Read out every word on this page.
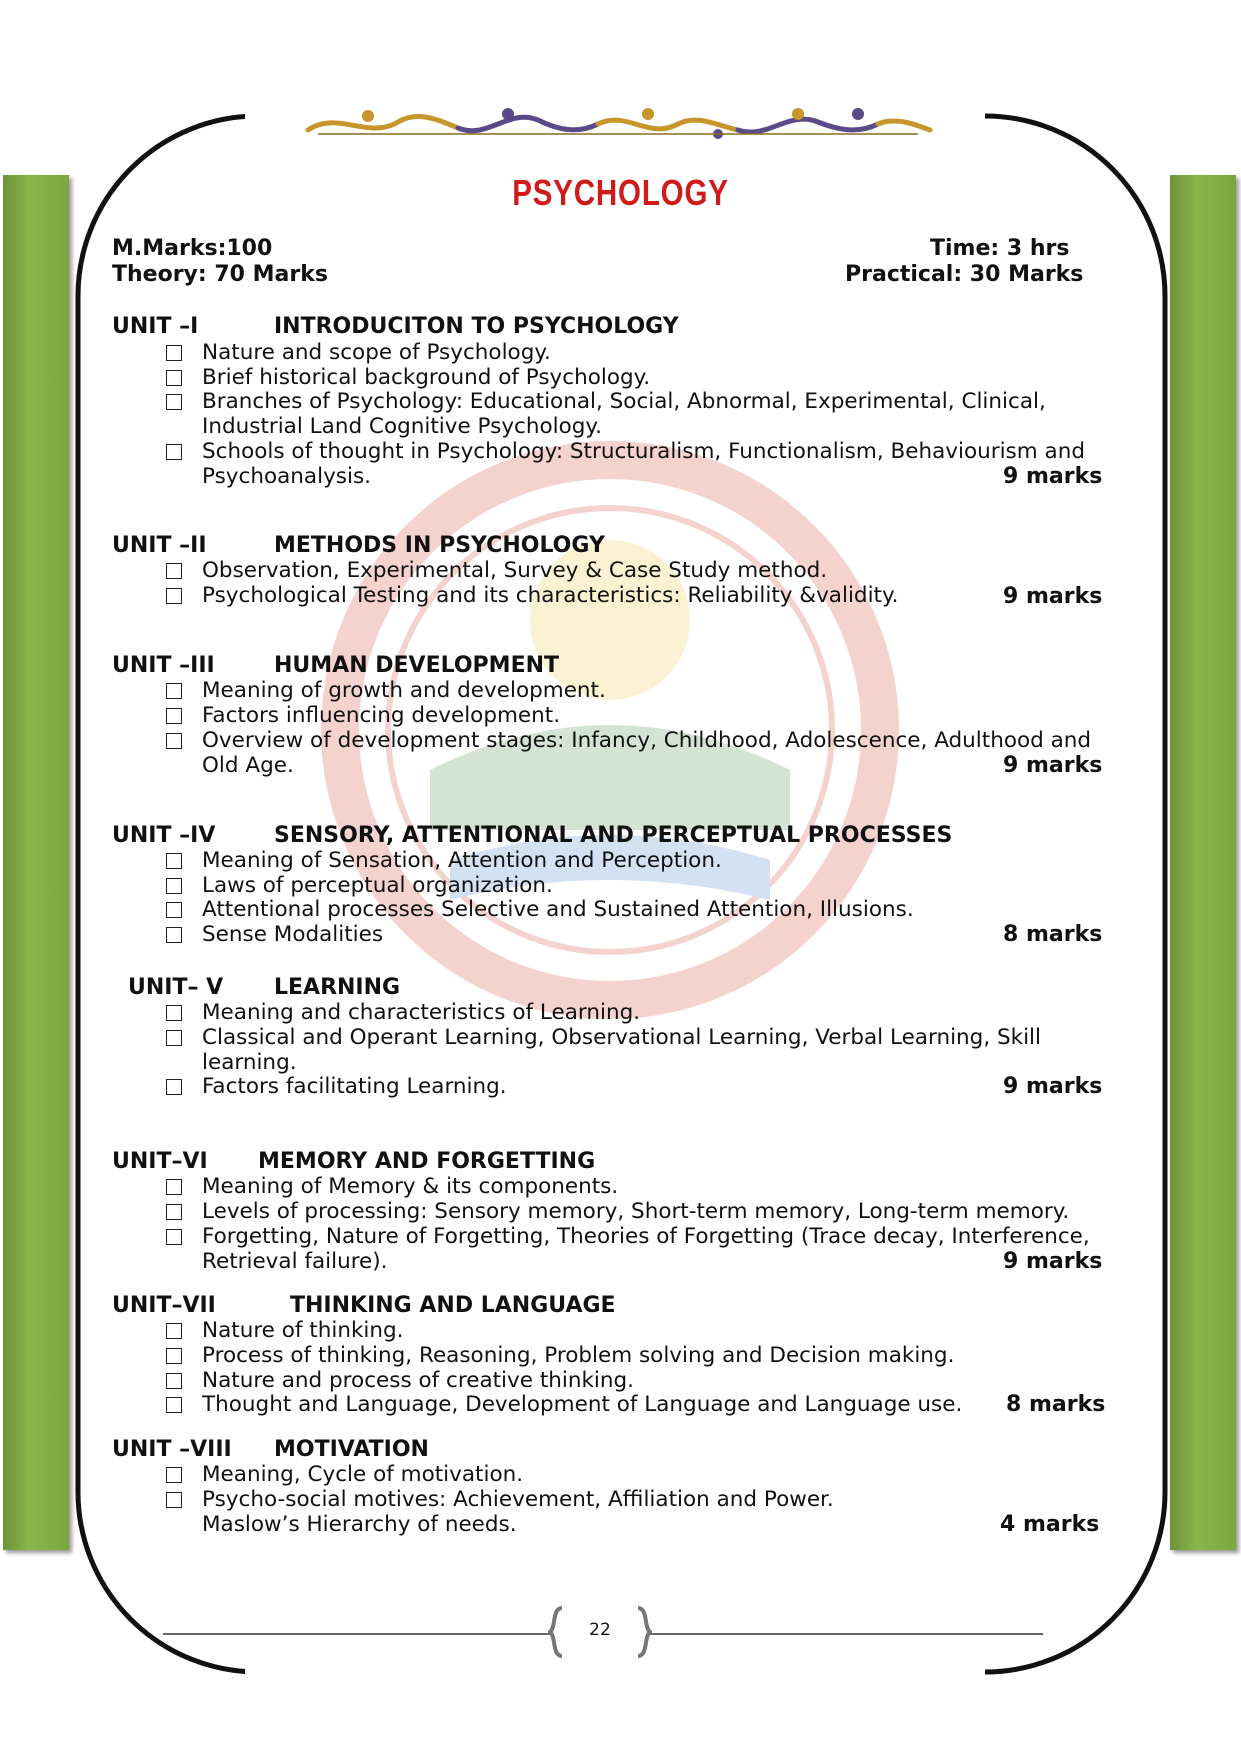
PSYCHOLOGY
M.Marks:100	Time: 3 hrs
Theory: 70 Marks	Practical: 30 Marks
UNIT –I	INTRODUCITON TO PSYCHOLOGY
Nature and scope of Psychology.
Brief historical background of Psychology.
Branches of Psychology: Educational, Social, Abnormal, Experimental, Clinical,
Industrial Land Cognitive Psychology.
Schools of thought in Psychology: Structuralism, Functionalism, Behaviourism and
Psychoanalysis.	9 marks
UNIT –II	METHODS IN PSYCHOLOGY
Observation, Experimental, Survey & Case Study method.
Psychological Testing and its characteristics: Reliability &validity.	9 marks
UNIT –III	HUMAN DEVELOPMENT
Meaning of growth and development.
Factors influencing development.
Overview of development stages: Infancy, Childhood, Adolescence, Adulthood and
Old Age.	9 marks
UNIT –IV	SENSORY, ATTENTIONAL AND PERCEPTUAL PROCESSES
Meaning of Sensation, Attention and Perception.
Laws of perceptual organization.
Attentional processes Selective and Sustained Attention, Illusions.
Sense Modalities	8 marks
UNIT– V LEARNING
Meaning and characteristics of Learning.
Classical and Operant Learning, Observational Learning, Verbal Learning, Skill
learning.
Factors facilitating Learning.	9 marks
UNIT–VI MEMORY AND FORGETTING
Meaning of Memory & its components.
Levels of processing: Sensory memory, Short-term memory, Long-term memory.
Forgetting, Nature of Forgetting, Theories of Forgetting (Trace decay, Interference,
Retrieval failure).	9 marks
UNIT–VII	THINKING AND LANGUAGE
Nature of thinking.
Process of thinking, Reasoning, Problem solving and Decision making.
Nature and process of creative thinking.
Thought and Language, Development of Language and Language use.	8 marks
UNIT –VIII MOTIVATION
Meaning, Cycle of motivation.
Psycho-social motives: Achievement, Affiliation and Power.
Maslow’s Hierarchy of needs.	4 marks
22
